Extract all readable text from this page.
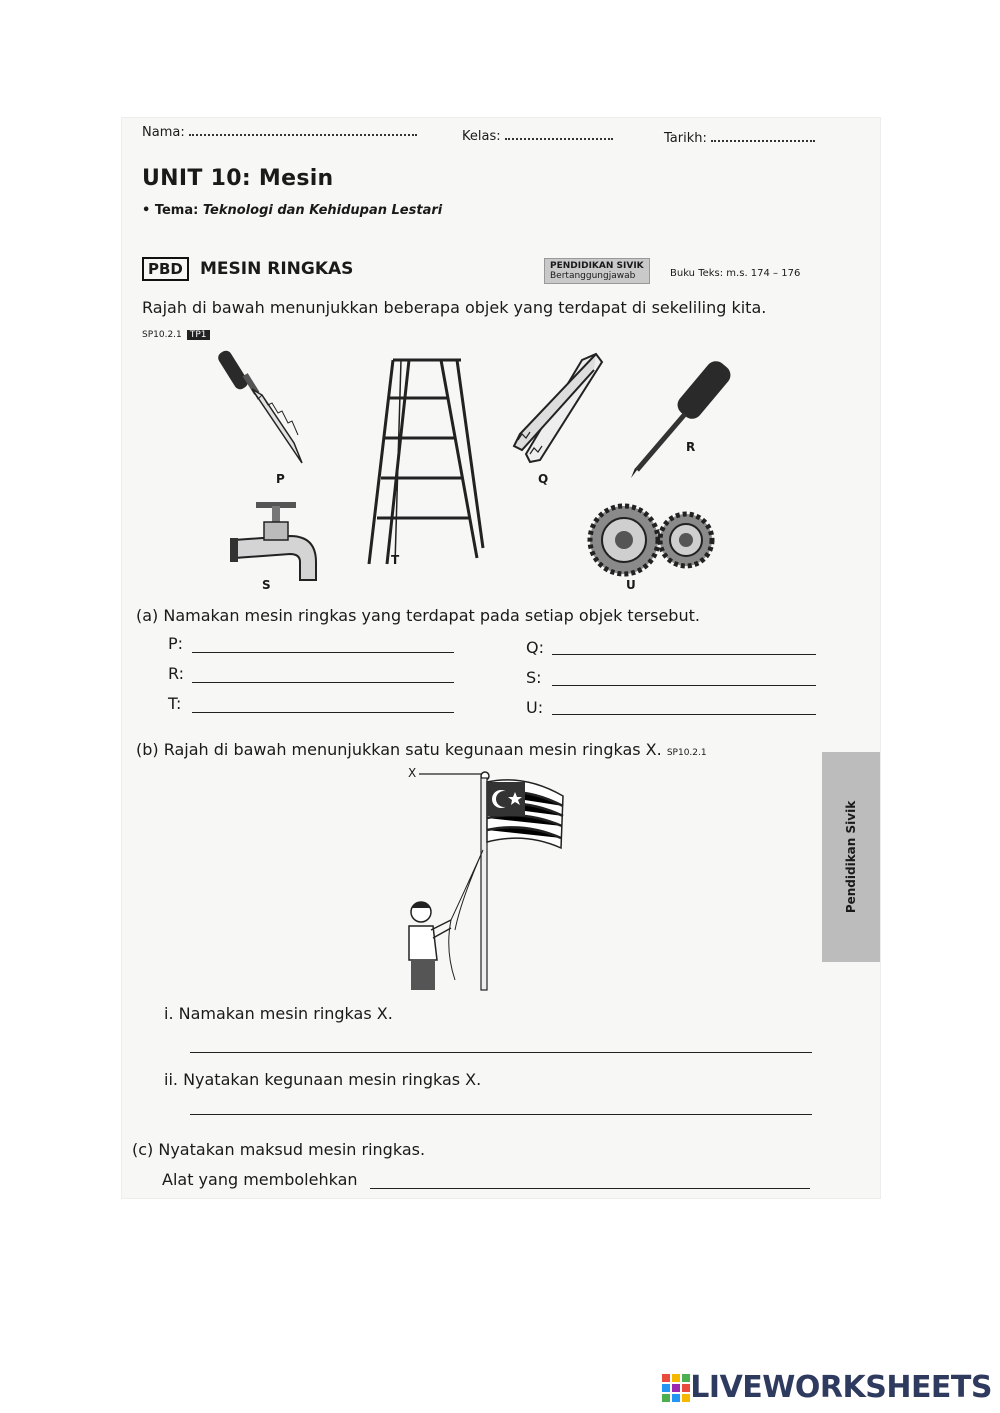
Nama:	Kelas:	Tarikh:
UNIT 10: Mesin
• Tema: Teknologi dan Kehidupan Lestari
PBD	MESIN RINGKAS	PENDIDIKAN SIVIK
Bertanggungjawab	Buku Teks: m.s. 174 – 176
Rajah di bawah menunjukkan beberapa objek yang terdapat di sekeliling kita.
SP10.2.1 TP1
P
T
Q
R
S	U
(a) Namakan mesin ringkas yang terdapat pada setiap objek tersebut.
P:	Q:
R:	S:
T:	U:
(b) Rajah di bawah menunjukkan satu kegunaan mesin ringkas X. SP10.2.1
X
i. Namakan mesin ringkas X.
ii. Nyatakan kegunaan mesin ringkas X.
(c) Nyatakan maksud mesin ringkas.
Alat yang membolehkan
Pendidikan Sivik
LIVEWORKSHEETS
